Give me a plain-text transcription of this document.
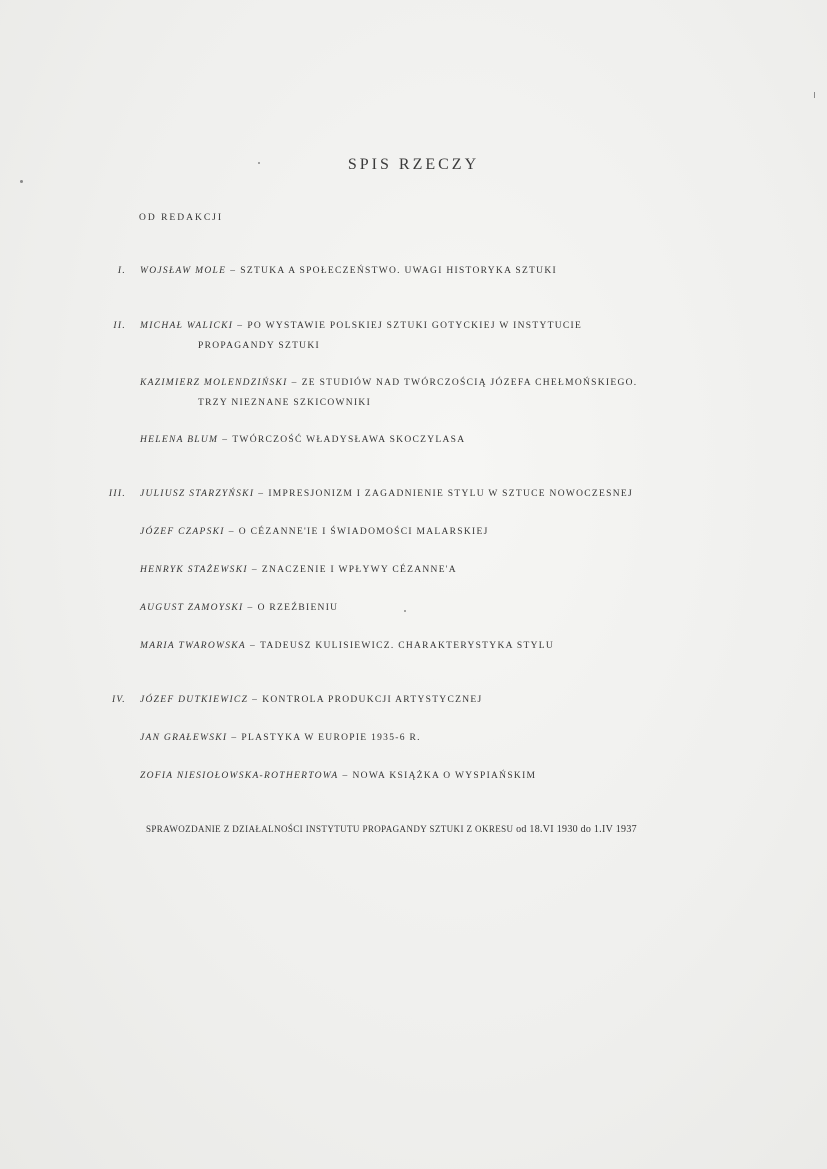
SPIS RZECZY
OD REDAKCJI
I. WOJSŁAW MOLE – SZTUKA A SPOŁECZEŃSTWO. UWAGI HISTORYKA SZTUKI
II. MICHAŁ WALICKI – PO WYSTAWIE POLSKIEJ SZTUKI GOTYCKIEJ W INSTYTUCIE
PROPAGANDY SZTUKI
KAZIMIERZ MOLENDZIŃSKI – ZE STUDIÓW NAD TWÓRCZOŚCIĄ JÓZEFA CHEŁMOŃSKIEGO.
TRZY NIEZNANE SZKICOWNIKI
HELENA BLUM – TWÓRCZOŚĆ WŁADYSŁAWA SKOCZYLASA
III. JULIUSZ STARZYŃSKI – IMPRESJONIZM I ZAGADNIENIE STYLU W SZTUCE NOWOCZESNEJ
JÓZEF CZAPSKI – O CÉZANNE'IE I ŚWIADOMOŚCI MALARSKIEJ
HENRYK STAŻEWSKI – ZNACZENIE I WPŁYWY CÉZANNE'A
AUGUST ZAMOYSKI – O RZEŹBIENIU
MARIA TWAROWSKA – TADEUSZ KULISIEWICZ. CHARAKTERYSTYKA STYLU
IV. JÓZEF DUTKIEWICZ – KONTROLA PRODUKCJI ARTYSTYCZNEJ
JAN GRAŁEWSKI – PLASTYKA W EUROPIE 1935-6 R.
ZOFIA NIESIOŁOWSKA-ROTHERTOWA – NOWA KSIĄŻKA O WYSPIAŃSKIM
SPRAWOZDANIE Z DZIAŁALNOŚCI INSTYTUTU PROPAGANDY SZTUKI Z OKRESU od 18.VI 1930 do 1.IV 1937
